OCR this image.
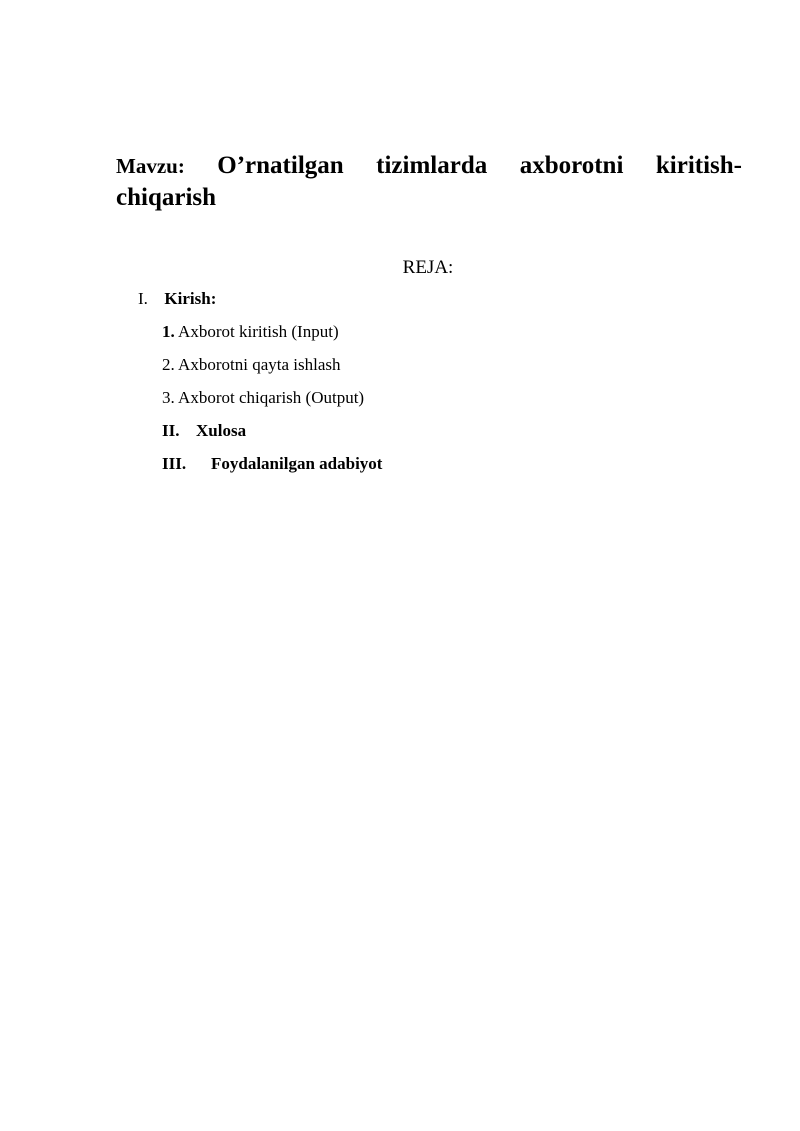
Mavzu: O’rnatilgan tizimlarda axborotni kiritish-
chiqarish
REJA:
I. Kirish:
1. Axborot kiritish (Input)
2. Axborotni qayta ishlash
3. Axborot chiqarish (Output)
II. Xulosa
III. Foydalanilgan adabiyot
